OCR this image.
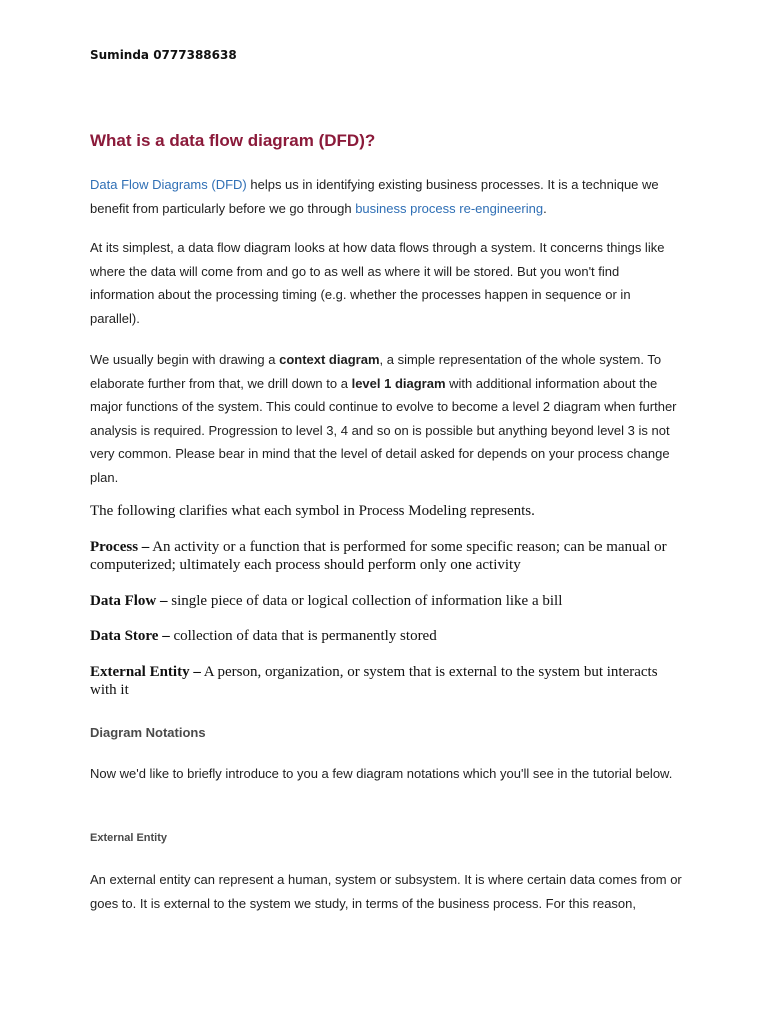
Suminda 0777388638
What is a data flow diagram (DFD)?

Data Flow Diagrams (DFD) helps us in identifying existing business processes. It is a technique we benefit from particularly before we go through business process re-engineering.

At its simplest, a data flow diagram looks at how data flows through a system. It concerns things like where the data will come from and go to as well as where it will be stored. But you won't find information about the processing timing (e.g. whether the processes happen in sequence or in parallel).

We usually begin with drawing a context diagram, a simple representation of the whole system. To elaborate further from that, we drill down to a level 1 diagram with additional information about the major functions of the system. This could continue to evolve to become a level 2 diagram when further analysis is required. Progression to level 3, 4 and so on is possible but anything beyond level 3 is not very common. Please bear in mind that the level of detail asked for depends on your process change plan.

The following clarifies what each symbol in Process Modeling represents.

Process – An activity or a function that is performed for some specific reason; can be manual or computerized; ultimately each process should perform only one activity

Data Flow – single piece of data or logical collection of information like a bill

Data Store – collection of data that is permanently stored

External Entity – A person, organization, or system that is external to the system but interacts with it

Diagram Notations

Now we'd like to briefly introduce to you a few diagram notations which you'll see in the tutorial below.

External Entity

An external entity can represent a human, system or subsystem. It is where certain data comes from or goes to. It is external to the system we study, in terms of the business process. For this reason,
